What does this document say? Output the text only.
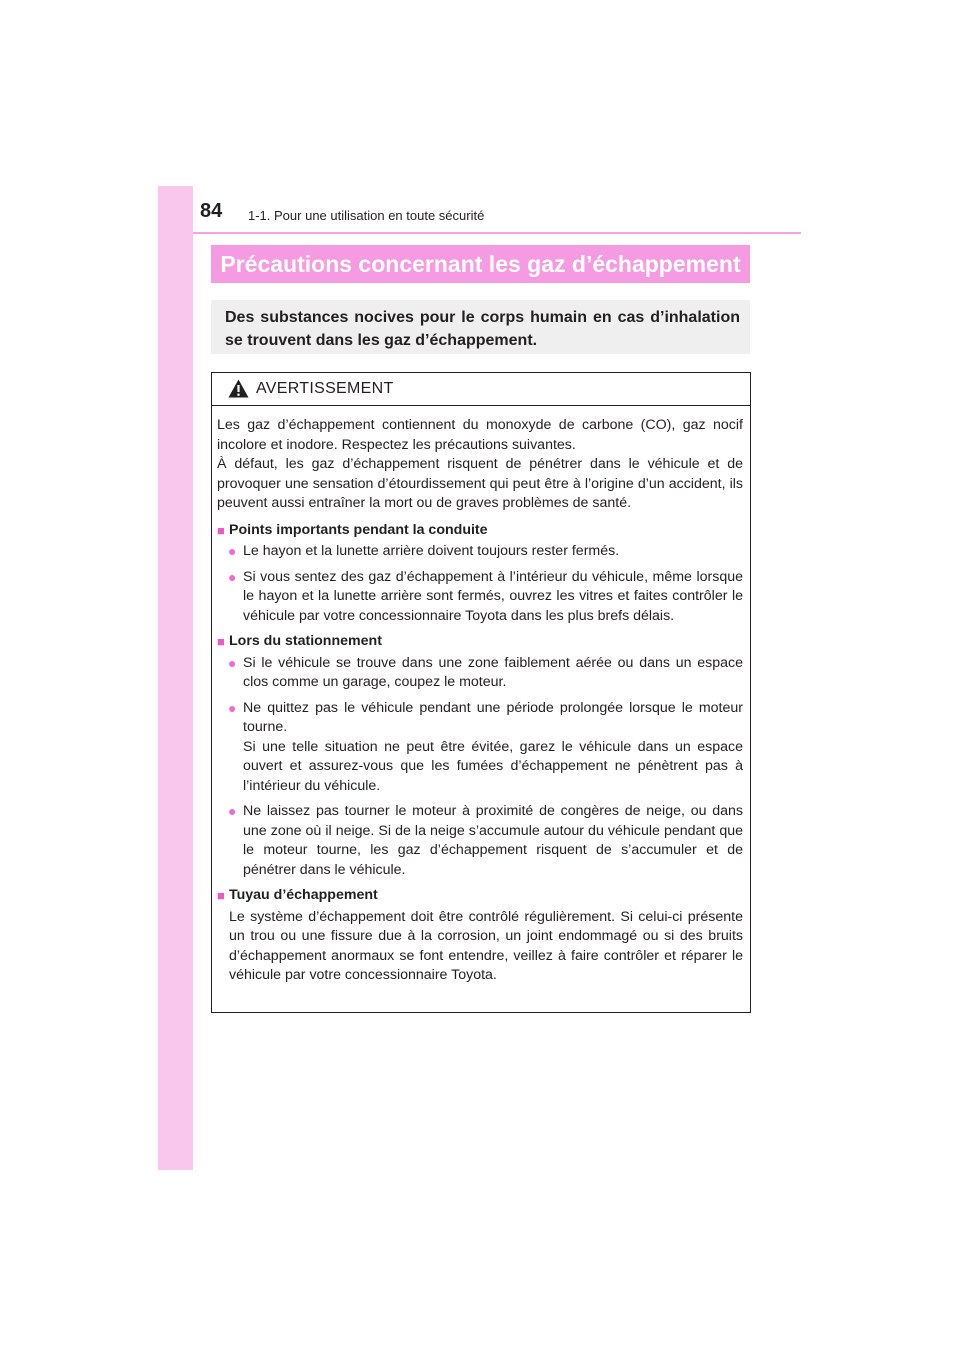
84 1-1. Pour une utilisation en toute sécurité
Précautions concernant les gaz d’échappement
Des substances nocives pour le corps humain en cas d’inhalation se trouvent dans les gaz d’échappement.
AVERTISSEMENT

Les gaz d’échappement contiennent du monoxyde de carbone (CO), gaz nocif incolore et inodore. Respectez les précautions suivantes.
À défaut, les gaz d’échappement risquent de pénétrer dans le véhicule et de provoquer une sensation d’étourdissement qui peut être à l’origine d’un accident, ils peuvent aussi entraîner la mort ou de graves problèmes de santé.

■ Points importants pendant la conduite
● Le hayon et la lunette arrière doivent toujours rester fermés.
● Si vous sentez des gaz d’échappement à l’intérieur du véhicule, même lorsque le hayon et la lunette arrière sont fermés, ouvrez les vitres et faites contrôler le véhicule par votre concessionnaire Toyota dans les plus brefs délais.
■ Lors du stationnement
● Si le véhicule se trouve dans une zone faiblement aérée ou dans un espace clos comme un garage, coupez le moteur.
● Ne quittez pas le véhicule pendant une période prolongée lorsque le moteur tourne.
Si une telle situation ne peut être évitée, garez le véhicule dans un espace ouvert et assurez-vous que les fumées d’échappement ne pénètrent pas à l’intérieur du véhicule.
● Ne laissez pas tourner le moteur à proximité de congères de neige, ou dans une zone où il neige. Si de la neige s’accumule autour du véhicule pendant que le moteur tourne, les gaz d’échappement risquent de s’accumuler et de pénétrer dans le véhicule.
■ Tuyau d’échappement

Le système d’échappement doit être contrôlé régulièrement. Si celui-ci présente un trou ou une fissure due à la corrosion, un joint endommagé ou si des bruits d’échappement anormaux se font entendre, veillez à faire contrôler et réparer le véhicule par votre concessionnaire Toyota.
